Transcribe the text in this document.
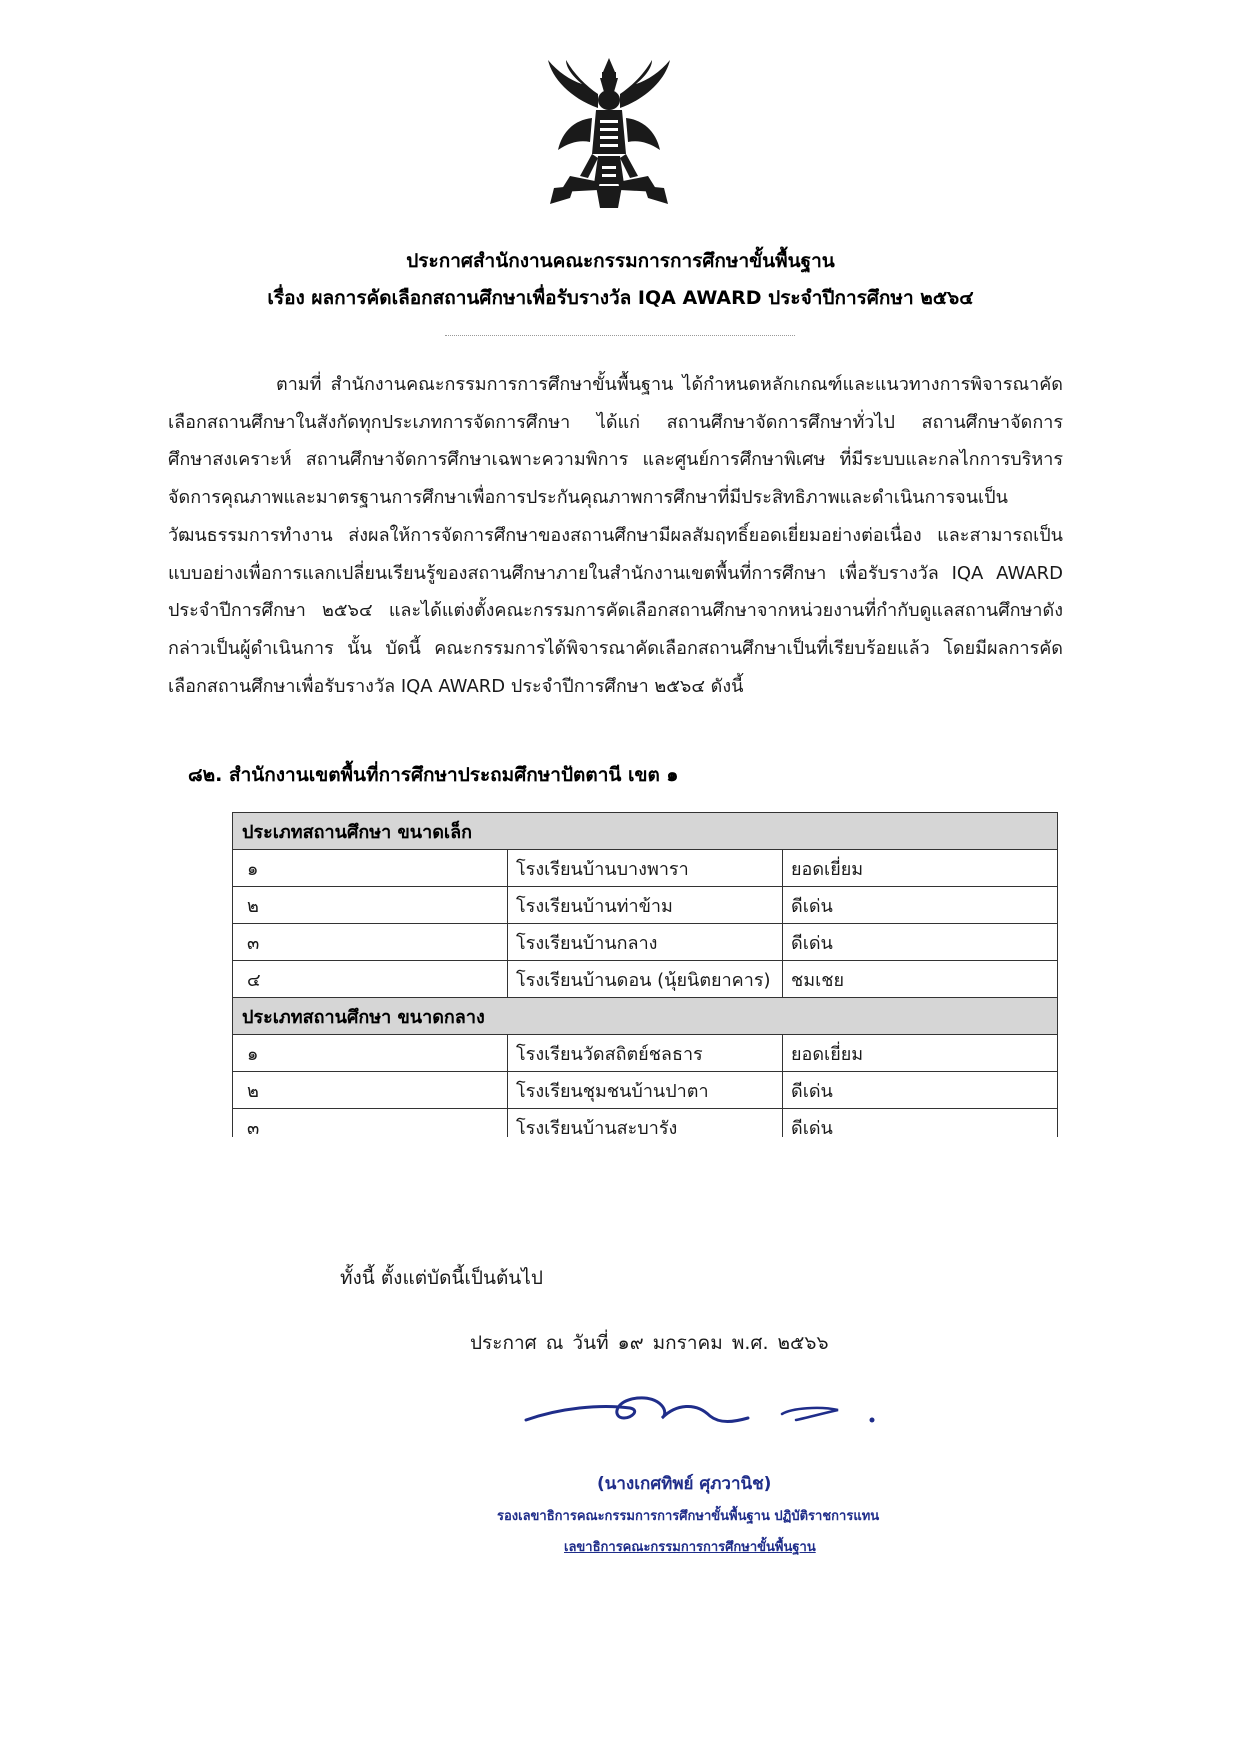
ประกาศสำนักงานคณะกรรมการการศึกษาขั้นพื้นฐาน
เรื่อง ผลการคัดเลือกสถานศึกษาเพื่อรับรางวัล IQA AWARD ประจำปีการศึกษา ๒๕๖๔

ตามที่ สำนักงานคณะกรรมการการศึกษาขั้นพื้นฐาน ได้กำหนดหลักเกณฑ์และแนวทางการพิจารณาคัดเลือกสถานศึกษาในสังกัดทุกประเภทการจัดการศึกษา ได้แก่ สถานศึกษาจัดการศึกษาทั่วไป สถานศึกษาจัดการศึกษาสงเคราะห์ สถานศึกษาจัดการศึกษาเฉพาะความพิการ และศูนย์การศึกษาพิเศษ ที่มีระบบและกลไกการบริหารจัดการคุณภาพและมาตรฐานการศึกษาเพื่อการประกันคุณภาพการศึกษาที่มีประสิทธิภาพและดำเนินการจนเป็นวัฒนธรรมการทำงาน ส่งผลให้การจัดการศึกษาของสถานศึกษามีผลสัมฤทธิ์ยอดเยี่ยมอย่างต่อเนื่อง และสามารถเป็นแบบอย่างเพื่อการแลกเปลี่ยนเรียนรู้ของสถานศึกษาภายในสำนักงานเขตพื้นที่การศึกษา เพื่อรับรางวัล IQA AWARD ประจำปีการศึกษา ๒๕๖๔ และได้แต่งตั้งคณะกรรมการคัดเลือกสถานศึกษาจากหน่วยงานที่กำกับดูแลสถานศึกษาดังกล่าวเป็นผู้ดำเนินการ นั้น บัดนี้ คณะกรรมการได้พิจารณาคัดเลือกสถานศึกษาเป็นที่เรียบร้อยแล้ว โดยมีผลการคัดเลือกสถานศึกษาเพื่อรับรางวัล IQA AWARD ประจำปีการศึกษา ๒๕๖๔ ดังนี้

๘๒. สำนักงานเขตพื้นที่การศึกษาประถมศึกษาปัตตานี เขต ๑
ประเภทสถานศึกษา ขนาดเล็ก		
๑	โรงเรียนบ้านบางพารา	ยอดเยี่ยม
๒	โรงเรียนบ้านท่าข้าม	ดีเด่น
๓	โรงเรียนบ้านกลาง	ดีเด่น
๔	โรงเรียนบ้านดอน (นุ้ยนิตยาคาร)	ชมเชย
ประเภทสถานศึกษา ขนาดกลาง		
๑	โรงเรียนวัดสถิตย์ชลธาร	ยอดเยี่ยม
๒	โรงเรียนชุมชนบ้านปาตา	ดีเด่น
๓	โรงเรียนบ้านสะบารัง	ดีเด่น
ทั้งนี้ ตั้งแต่บัดนี้เป็นต้นไป
ประกาศ ณ วันที่ ๑๙ มกราคม พ.ศ. ๒๕๖๖
(นางเกศทิพย์ ศุภวานิช)
รองเลขาธิการคณะกรรมการการศึกษาขั้นพื้นฐาน ปฏิบัติราชการแทน
เลขาธิการคณะกรรมการการศึกษาขั้นพื้นฐาน
